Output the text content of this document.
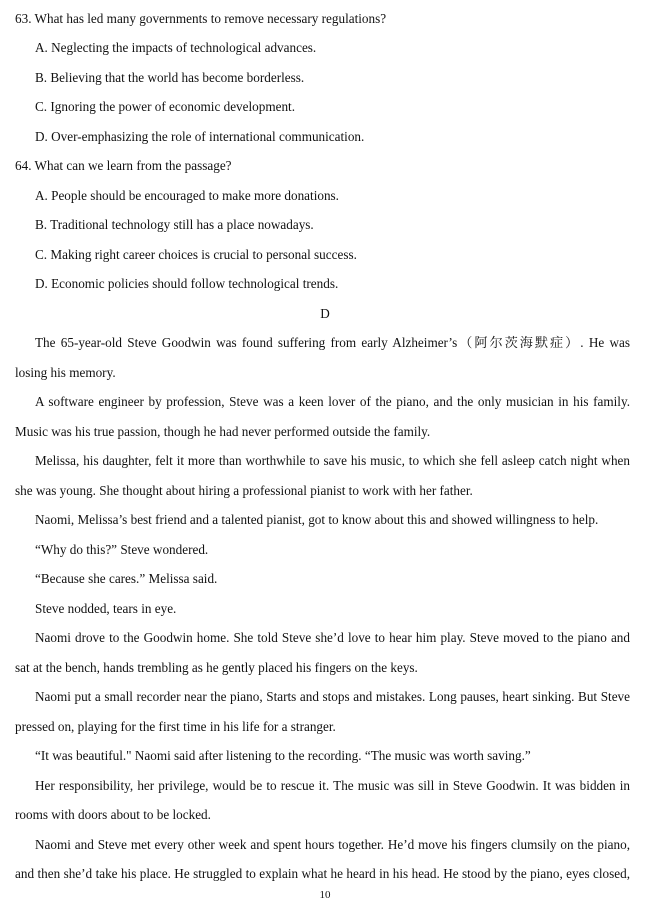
63. What has led many governments to remove necessary regulations?
A. Neglecting the impacts of technological advances.
B. Believing that the world has become borderless.
C. Ignoring the power of economic development.
D. Over-emphasizing the role of international communication.
64. What can we learn from the passage?
A. People should be encouraged to make more donations.
B. Traditional technology still has a place nowadays.
C. Making right career choices is crucial to personal success.
D. Economic policies should follow technological trends.
D
The 65-year-old Steve Goodwin was found suffering from early Alzheimer’s（阿尔茨海默症）. He was
losing his memory.
A software engineer by profession, Steve was a keen lover of the piano, and the only musician in his family.
Music was his true passion, though he had never performed outside the family.
Melissa, his daughter, felt it more than worthwhile to save his music, to which she fell asleep catch night when
she was young. She thought about hiring a professional pianist to work with her father.
Naomi, Melissa’s best friend and a talented pianist, got to know about this and showed willingness to help.
“Why do this?” Steve wondered.
“Because she cares.” Melissa said.
Steve nodded, tears in eye.
Naomi drove to the Goodwin home. She told Steve she’d love to hear him play. Steve moved to the piano and
sat at the bench, hands trembling as he gently placed his fingers on the keys.
Naomi put a small recorder near the piano, Starts and stops and mistakes. Long pauses, heart sinking. But Steve
pressed on, playing for the first time in his life for a stranger.
“It was beautiful." Naomi said after listening to the recording. “The music was worth saving.”
Her responsibility, her privilege, would be to rescue it. The music was sill in Steve Goodwin. It was bidden in
rooms with doors about to be locked.
Naomi and Steve met every other week and spent hours together. He’d move his fingers clumsily on the piano,
and then she’d take his place. He struggled to explain what he heard in his head. He stood by the piano, eyes closed,
10
